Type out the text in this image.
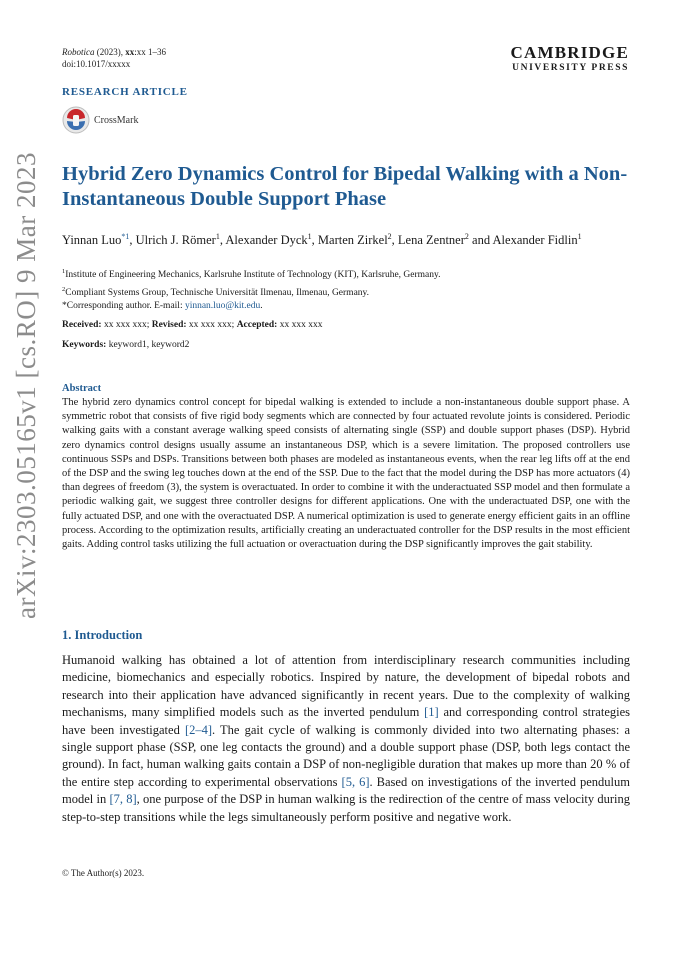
arXiv:2303.05165v1 [cs.RO] 9 Mar 2023
Robotica (2023), xx:xx 1–36
doi:10.1017/xxxxx
CAMBRIDGE
UNIVERSITY PRESS
RESEARCH ARTICLE
CrossMark
Hybrid Zero Dynamics Control for Bipedal Walking with a Non-Instantaneous Double Support Phase
Yinnan Luo$^{*1}$, Ulrich J. Römer$^1$, Alexander Dyck$^1$, Marten Zirkel$^2$, Lena Zentner$^2$ and Alexander Fidlin$^1$
$^1$Institute of Engineering Mechanics, Karlsruhe Institute of Technology (KIT), Karlsruhe, Germany.
$^2$Compliant Systems Group, Technische Universität Ilmenau, Ilmenau, Germany.
*Corresponding author. E-mail: yinnan.luo@kit.edu.
Received: xx xxx xxx; Revised: xx xxx xxx; Accepted: xx xxx xxx
Keywords: keyword1, keyword2
Abstract
The hybrid zero dynamics control concept for bipedal walking is extended to include a non-instantaneous double support phase. A symmetric robot that consists of five rigid body segments which are connected by four actuated revolute joints is considered. Periodic walking gaits with a constant average walking speed consists of alternating single (SSP) and double support phases (DSP). Hybrid zero dynamics control designs usually assume an instantaneous DSP, which is a severe limitation. The proposed controllers use continuous SSPs and DSPs. Transitions between both phases are modeled as instantaneous events, when the rear leg lifts off at the end of the DSP and the swing leg touches down at the end of the SSP. Due to the fact that the model during the DSP has more actuators (4) than degrees of freedom (3), the system is overactuated. In order to combine it with the underactuated SSP model and then formulate a periodic walking gait, we suggest three controller designs for different applications. One with the underactuated DSP, one with the fully actuated DSP, and one with the overactuated DSP. A numerical optimization is used to generate energy efficient gaits in an offline process. According to the optimization results, artificially creating an underactuated controller for the DSP results in the most efficient gaits. Adding control tasks utilizing the full actuation or overactuation during the DSP significantly improves the gait stability.
1. Introduction
Humanoid walking has obtained a lot of attention from interdisciplinary research communities including medicine, biomechanics and especially robotics. Inspired by nature, the development of bipedal robots and research into their application have advanced significantly in recent years. Due to the complexity of walking mechanisms, many simplified models such as the inverted pendulum [1] and corresponding control strategies have been investigated [2–4]. The gait cycle of walking is commonly divided into two alternating phases: a single support phase (SSP, one leg contacts the ground) and a double support phase (DSP, both legs contact the ground). In fact, human walking gaits contain a DSP of non-negligible duration that makes up more than 20 % of the entire step according to experimental observations [5, 6]. Based on investigations of the inverted pendulum model in [7, 8], one purpose of the DSP in human walking is the redirection of the centre of mass velocity during step-to-step transitions while the legs simultaneously perform positive and negative work.
© The Author(s) 2023.
